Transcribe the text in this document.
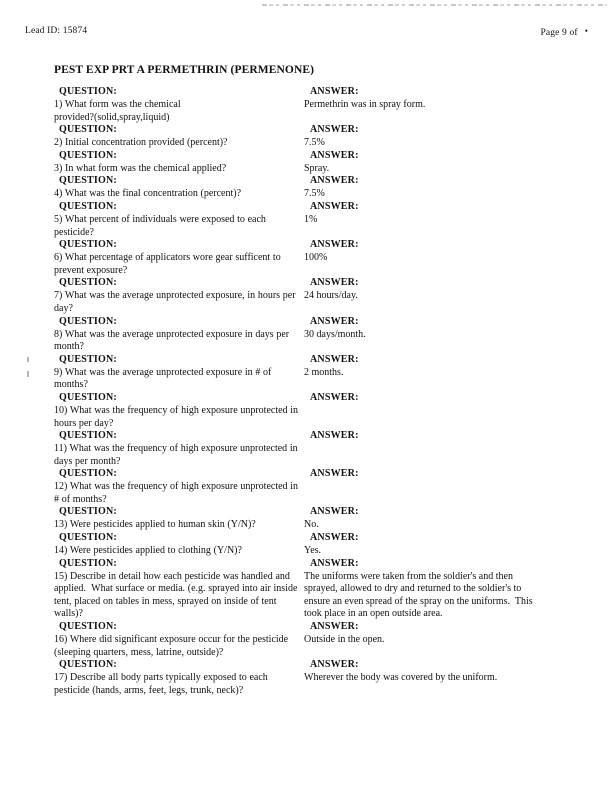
Lead ID: 15874	Page 9 of •
PEST EXP PRT A PERMETHRIN (PERMENONE)
QUESTION:	ANSWER:
1) What form was the chemical
provided?(solid,spray,liquid)
Permethrin was in spray form.
QUESTION:	ANSWER:
2) Initial concentration provided (percent)?	7.5%
QUESTION:	ANSWER:
3) In what form was the chemical applied?	Spray.
QUESTION:	ANSWER:
4) What was the final concentration (percent)?	7.5%
QUESTION:	ANSWER:
5) What percent of individuals were exposed to each
pesticide?
1%
QUESTION:	ANSWER:
6) What percentage of applicators wore gear sufficent to
prevent exposure?
100%
QUESTION:	ANSWER:
7) What was the average unprotected exposure, in hours per
day?
24 hours/day.
QUESTION:	ANSWER:
8) What was the average unprotected exposure in days per
month?
30 days/month.
QUESTION:	ANSWER:
9) What was the average unprotected exposure in # of
months?
2 months.
QUESTION:	ANSWER:
10) What was the frequency of high exposure unprotected in
hours per day?
QUESTION:	ANSWER:
11) What was the frequency of high exposure unprotected in
days per month?
QUESTION:	ANSWER:
12) What was the frequency of high exposure unprotected in
# of months?
QUESTION:	ANSWER:
13) Were pesticides applied to human skin (Y/N)?	No.
QUESTION:	ANSWER:
14) Were pesticides applied to clothing (Y/N)?	Yes.
QUESTION:	ANSWER:
15) Describe in detail how each pesticide was handled and
applied.  What surface or media. (e.g. sprayed into air inside
tent, placed on tables in mess, sprayed on inside of tent
walls)?
The uniforms were taken from the soldier's and then
sprayed, allowed to dry and returned to the soldier's to
ensure an even spread of the spray on the uniforms.  This
took place in an open outside area.
QUESTION:	ANSWER:
16) Where did significant exposure occur for the pesticide
(sleeping quarters, mess, latrine, outside)?
Outside in the open.
QUESTION:	ANSWER:
17) Describe all body parts typically exposed to each
pesticide (hands, arms, feet, legs, trunk, neck)?
Wherever the body was covered by the uniform.
